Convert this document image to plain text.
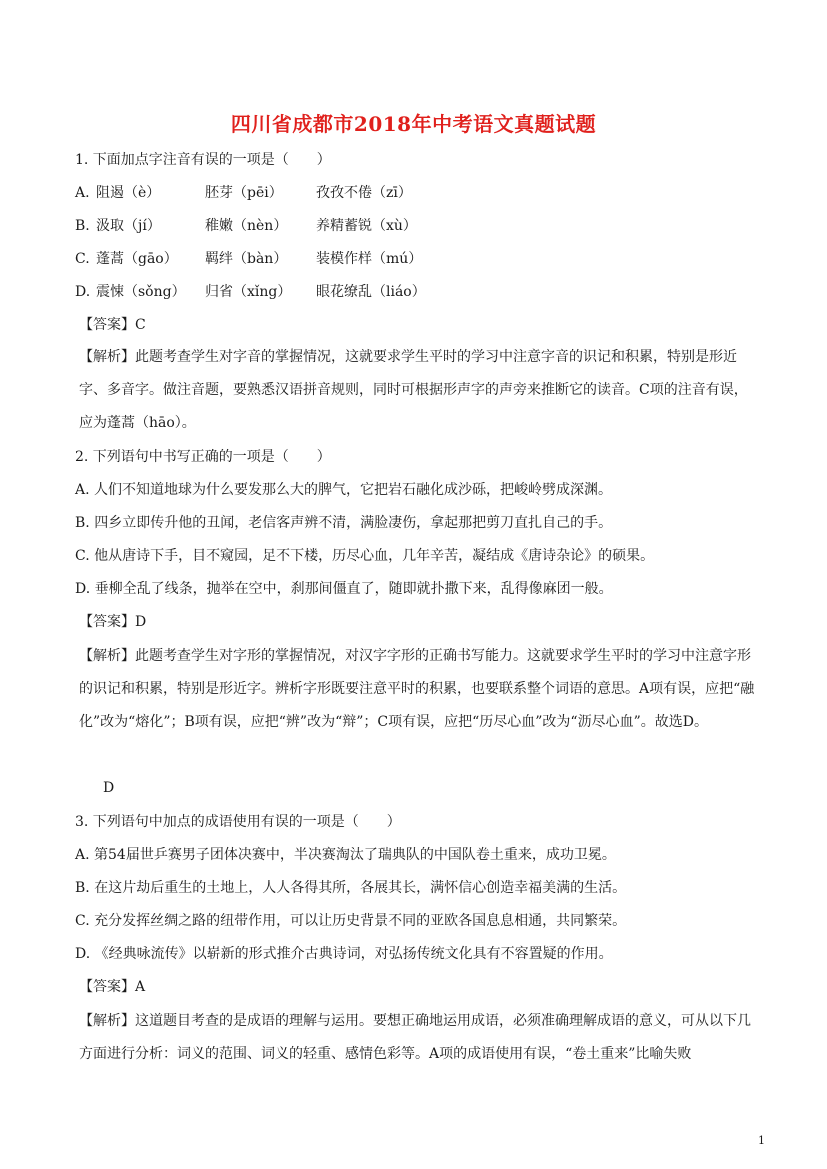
四川省成都市2018年中考语文真题试题
1. 下面加点字注音有误的一项是（　　）
A. 阻遏（è）	胚芽（pēi） 孜孜不倦（zī）
B. 汲取（jí）	稚嫩（nèn） 养精蓄锐（xù）
C. 蓬蒿（gāo） 羁绊（bàn） 装模作样（mú）
D. 震悚（sǒng） 归省（xǐng） 眼花缭乱（liáo）
【答案】C
【解析】此题考查学生对字音的掌握情况，这就要求学生平时的学习中注意字音的识记和积累，特别是形近字、多音字。做注音题，要熟悉汉语拼音规则，同时可根据形声字的声旁来推断它的读音。C项的注音有误，应为蓬蒿（hāo）。
2. 下列语句中书写正确的一项是（　　）
A. 人们不知道地球为什么要发那么大的脾气，它把岩石融化成沙砾，把峻岭劈成深渊。
B. 四乡立即传升他的丑闻，老信客声辨不清，满脸凄伤，拿起那把剪刀直扎自己的手。
C. 他从唐诗下手，目不窥园，足不下楼，历尽心血，几年辛苦，凝结成《唐诗杂论》的硕果。
D. 垂柳全乱了线条，抛举在空中，刹那间僵直了，随即就扑撒下来，乱得像麻团一般。
【答案】D
【解析】此题考查学生对字形的掌握情况，对汉字字形的正确书写能力。这就要求学生平时的学习中注意字形的识记和积累，特别是形近字。辨析字形既要注意平时的积累，也要联系整个词语的意思。A项有误，应把“融化”改为“熔化”；B项有误，应把“辨”改为“辩”；C项有误，应把“历尽心血”改为“沥尽心血”。故选D。
D
3. 下列语句中加点的成语使用有误的一项是（　　）
A. 第54届世乒赛男子团体决赛中，半决赛淘汰了瑞典队的中国队卷土重来，成功卫冕。
B. 在这片劫后重生的土地上，人人各得其所，各展其长，满怀信心创造幸福美满的生活。
C. 充分发挥丝绸之路的纽带作用，可以让历史背景不同的亚欧各国息息相通，共同繁荣。
D. 《经典咏流传》以崭新的形式推介古典诗词，对弘扬传统文化具有不容置疑的作用。
【答案】A
【解析】这道题目考查的是成语的理解与运用。要想正确地运用成语，必须准确理解成语的意义，可从以下几方面进行分析：词义的范围、词义的轻重、感情色彩等。A项的成语使用有误，“卷土重来”比喻失败
1
